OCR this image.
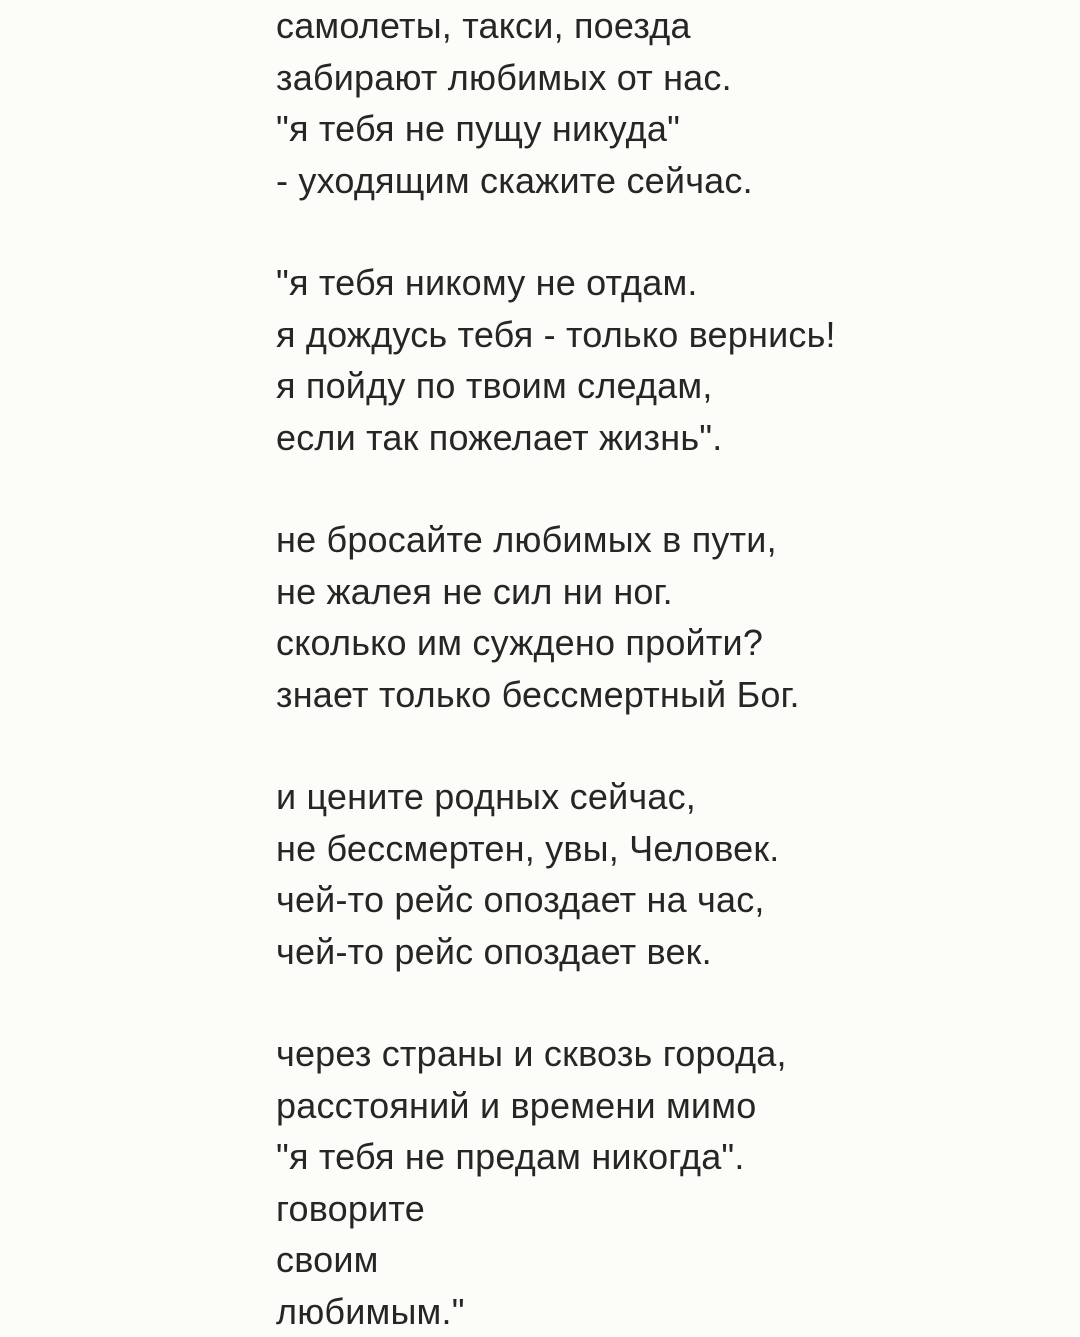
самолеты, такси, поезда
забирают любимых от нас.
"я тебя не пущу никуда"
- уходящим скажите сейчас.
"я тебя никому не отдам.
я дождусь тебя - только вернись!
я пойду по твоим следам,
если так пожелает жизнь".
не бросайте любимых в пути,
не жалея не сил ни ног.
сколько им суждено пройти?
знает только бессмертный Бог.
и цените родных сейчас,
не бессмертен, увы, Человек.
чей-то рейс опоздает на час,
чей-то рейс опоздает век.
через страны и сквозь города,
расстояний и времени мимо
"я тебя не предам никогда".
говорите
своим
любимым."
